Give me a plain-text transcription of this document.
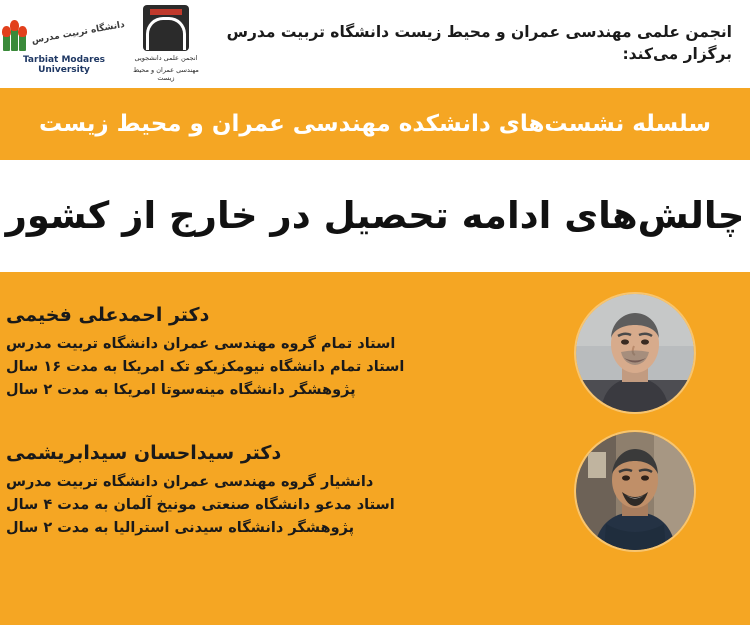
انجمن علمی مهندسی عمران و محیط زیست دانشگاه تربیت مدرس برگزار می‌کند:
انجمن علمی دانشجویی
مهندسی عمران و محیط زیست
دانشگاه تربیت مدرس
Tarbiat Modares
University
سلسله نشست‌های دانشکده مهندسی عمران و محیط زیست
چالش‌های ادامه تحصیل در خارج از کشور
دکتر احمدعلی فخیمی
استاد تمام گروه مهندسی عمران دانشگاه تربیت مدرس
استاد تمام دانشگاه نیومکزیکو تک امریکا به مدت ۱۶ سال
پژوهشگر دانشگاه مینه‌سوتا امریکا به مدت ۲ سال
دکتر سیداحسان سیدابریشمی
دانشیار گروه مهندسی عمران دانشگاه تربیت مدرس
استاد مدعو دانشگاه صنعتی مونیخ آلمان به مدت ۴ سال
پژوهشگر دانشگاه سیدنی استرالیا به مدت ۲ سال
